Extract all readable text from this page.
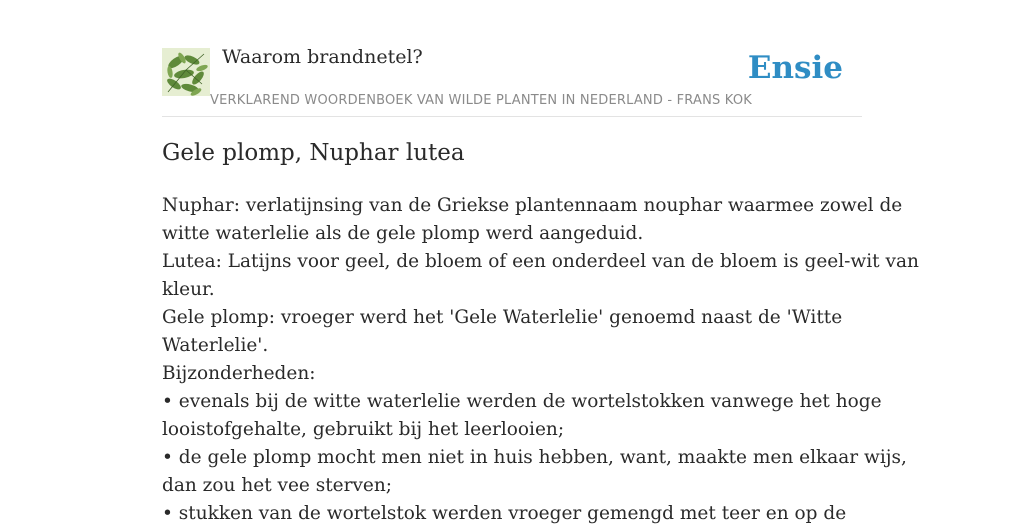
Waarom brandnetel?
VERKLAREND WOORDENBOEK VAN WILDE PLANTEN IN NEDERLAND - FRANS KOK
Ensie
Gele plomp, Nuphar lutea
Nuphar: verlatijnsing van de Griekse plantennaam nouphar waarmee zowel de
witte waterlelie als de gele plomp werd aangeduid.
Lutea: Latijns voor geel, de bloem of een onderdeel van de bloem is geel-wit van
kleur.
Gele plomp: vroeger werd het 'Gele Waterlelie' genoemd naast de 'Witte
Waterlelie'.
Bijzonderheden:
• evenals bij de witte waterlelie werden de wortelstokken vanwege het hoge
looistofgehalte, gebruikt bij het leerlooien;
• de gele plomp mocht men niet in huis hebben, want, maakte men elkaar wijs,
dan zou het vee sterven;
• stukken van de wortelstok werden vroeger gemengd met teer en op de
